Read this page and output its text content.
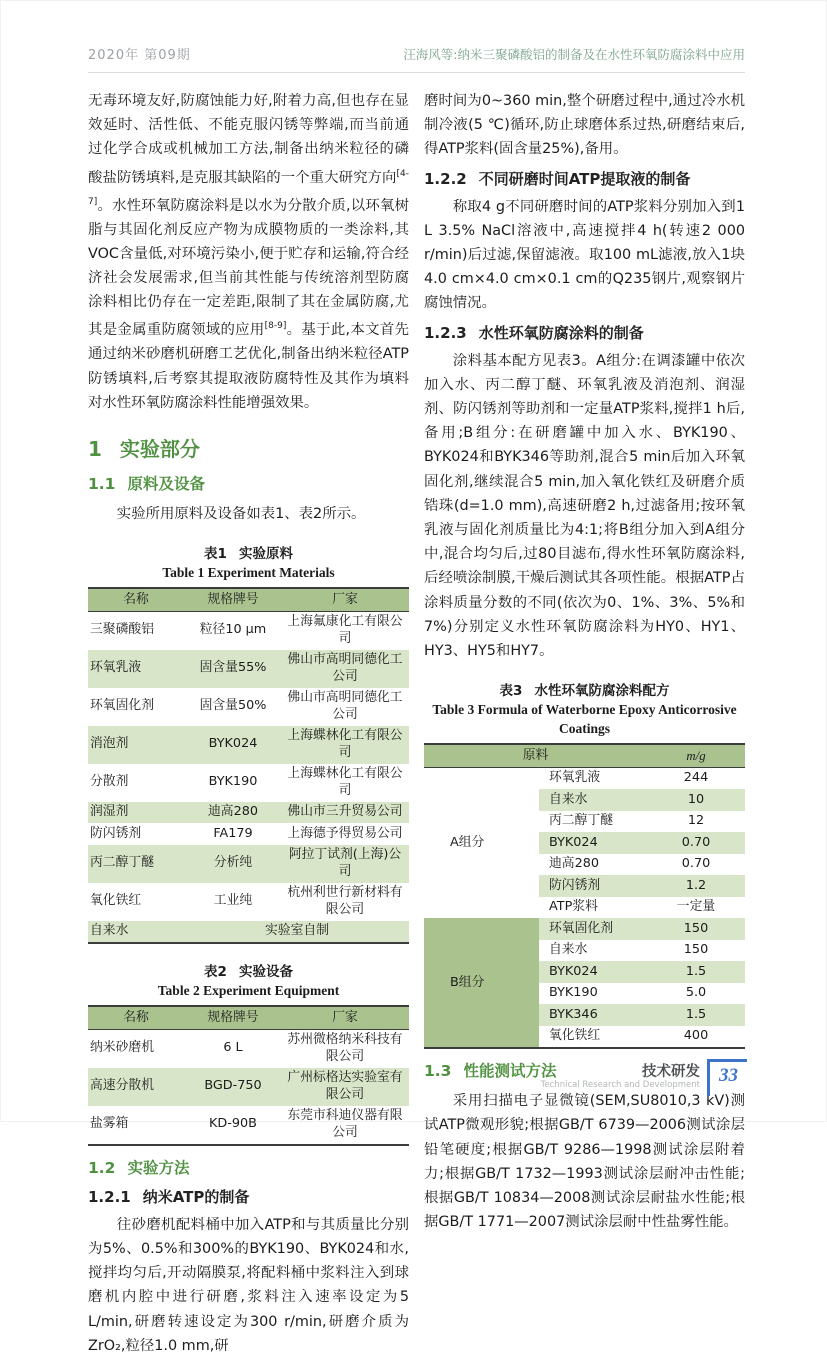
2020年 第09期	汪海风等:纳米三聚磷酸铝的制备及在水性环氧防腐涂料中应用

无毒环境友好,防腐蚀能力好,附着力高,但也存在显效延时、活性低、不能克服闪锈等弊端,而当前通过化学合成或机械加工方法,制备出纳米粒径的磷酸盐防锈填料,是克服其缺陷的一个重大研究方向[4-7]。水性环氧防腐涂料是以水为分散介质,以环氧树脂与其固化剂反应产物为成膜物质的一类涂料,其VOC含量低,对环境污染小,便于贮存和运输,符合经济社会发展需求,但当前其性能与传统溶剂型防腐涂料相比仍存在一定差距,限制了其在金属防腐,尤其是金属重防腐领域的应用[8-9]。基于此,本文首先通过纳米砂磨机研磨工艺优化,制备出纳米粒径ATP防锈填料,后考察其提取液防腐特性及其作为填料对水性环氧防腐涂料性能增强效果。

1 实验部分
1.1 原料及设备

实验所用原料及设备如表1、表2所示。

表1 实验原料
Table 1 Experiment Materials
名称	规格牌号	厂家
三聚磷酸铝	粒径10 μm	上海氟康化工有限公司
环氧乳液	固含量55%	佛山市高明同德化工公司
环氧固化剂	固含量50%	佛山市高明同德化工公司
消泡剂	BYK024	上海蝶林化工有限公司
分散剂	BYK190	上海蝶林化工有限公司
润湿剂	迪高280	佛山市三升贸易公司
防闪锈剂	FA179	上海德予得贸易公司
丙二醇丁醚	分析纯	阿拉丁试剂(上海)公司
氧化铁红	工业纯	杭州利世行新材料有限公司
自来水	实验室自制	
表2 实验设备
Table 2 Experiment Equipment
名称	规格牌号	厂家
纳米砂磨机	6 L	苏州微格纳米科技有限公司
高速分散机	BGD-750	广州标格达实验室有限公司
盐雾箱	KD-90B	东莞市科迪仪器有限公司
1.2 实验方法
1.2.1 纳米ATP的制备

往砂磨机配料桶中加入ATP和与其质量比分别为5%、0.5%和300%的BYK190、BYK024和水,搅拌均匀后,开动隔膜泵,将配料桶中浆料注入到球磨机内腔中进行研磨,浆料注入速率设定为5 L/min,研磨转速设定为300 r/min,研磨介质为ZrO₂,粒径1.0 mm,研

磨时间为0~360 min,整个研磨过程中,通过冷水机制冷液(5 ℃)循环,防止球磨体系过热,研磨结束后,得ATP浆料(固含量25%),备用。

1.2.2 不同研磨时间ATP提取液的制备

称取4 g不同研磨时间的ATP浆料分别加入到1 L 3.5% NaCl溶液中,高速搅拌4 h(转速2 000 r/min)后过滤,保留滤液。取100 mL滤液,放入1块4.0 cm×4.0 cm×0.1 cm的Q235钢片,观察钢片腐蚀情况。

1.2.3 水性环氧防腐涂料的制备

涂料基本配方见表3。A组分:在调漆罐中依次加入水、丙二醇丁醚、环氧乳液及消泡剂、润湿剂、防闪锈剂等助剂和一定量ATP浆料,搅拌1 h后,备用;B组分:在研磨罐中加入水、BYK190、BYK024和BYK346等助剂,混合5 min后加入环氧固化剂,继续混合5 min,加入氧化铁红及研磨介质锆珠(d=1.0 mm),高速研磨2 h,过滤备用;按环氧乳液与固化剂质量比为4:1;将B组分加入到A组分中,混合均匀后,过80目滤布,得水性环氧防腐涂料,后经喷涂制膜,干燥后测试其各项性能。根据ATP占涂料质量分数的不同(依次为0、1%、3%、5%和7%)分别定义水性环氧防腐涂料为HY0、HY1、HY3、HY5和HY7。

表3 水性环氧防腐涂料配方
Table 3 Formula of Waterborne Epoxy Anticorrosive
Coatings
原料		m/g
A组分	环氧乳液	244
	自来水	10
	丙二醇丁醚	12
	BYK024	0.70
	迪高280	0.70
	防闪锈剂	1.2
	ATP浆料	一定量
B组分	环氧固化剂	150
	自来水	150
	BYK024	1.5
	BYK190	5.0
	BYK346	1.5
	氧化铁红	400
1.3 性能测试方法

采用扫描电子显微镜(SEM,SU8010,3 kV)测试ATP微观形貌;根据GB/T 6739—2006测试涂层铅笔硬度;根据GB/T 9286—1998测试涂层附着力;根据GB/T 1732—1993测试涂层耐冲击性能;根据GB/T 10834—2008测试涂层耐盐水性能;根据GB/T 1771—2007测试涂层耐中性盐雾性能。

技术研发
Technical Research and Development	33
